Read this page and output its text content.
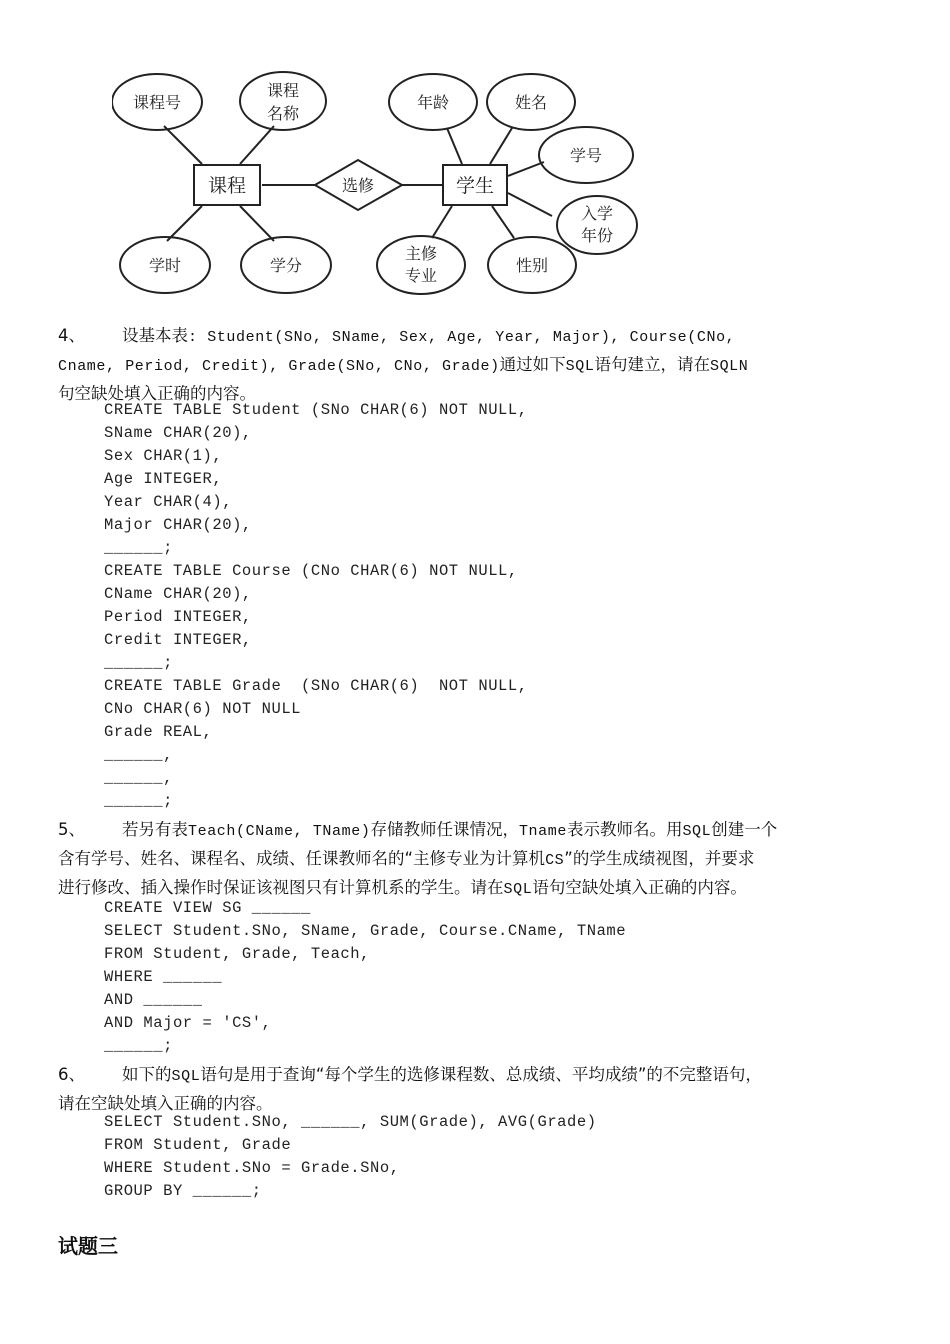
课程号
课程
名称
学时	学分
年龄	姓名
学号
入学
年份
主修
专业
性别
选修
课程	学生
4、 设基本表: Student(SNo, SName, Sex, Age, Year, Major), Course(CNo,
Cname, Period, Credit), Grade(SNo, CNo, Grade)通过如下SQL语句建立，请在SQLN
句空缺处填入正确的内容。
CREATE TABLE Student (SNo CHAR(6) NOT NULL,
SName CHAR(20),
Sex CHAR(1),
Age INTEGER,
Year CHAR(4),
Major CHAR(20),
______;
CREATE TABLE Course (CNo CHAR(6) NOT NULL,
CName CHAR(20),
Period INTEGER,
Credit INTEGER,
______;
CREATE TABLE Grade  (SNo CHAR(6)  NOT NULL,
CNo CHAR(6) NOT NULL
Grade REAL,
______,
______,
______;
5、 若另有表Teach(CName, TName)存储教师任课情况，Tname表示教师名。用SQL创建一个
含有学号、姓名、课程名、成绩、任课教师名的“主修专业为计算机CS”的学生成绩视图，并要求
进行修改、插入操作时保证该视图只有计算机系的学生。请在SQL语句空缺处填入正确的内容。
CREATE VIEW SG ______
SELECT Student.SNo, SName, Grade, Course.CName, TName
FROM Student, Grade, Teach,
WHERE ______
AND ______
AND Major = 'CS',
______;
6、 如下的SQL语句是用于查询“每个学生的选修课程数、总成绩、平均成绩”的不完整语句，
请在空缺处填入正确的内容。
SELECT Student.SNo, ______, SUM(Grade), AVG(Grade)
FROM Student, Grade
WHERE Student.SNo = Grade.SNo,
GROUP BY ______;
试题三
